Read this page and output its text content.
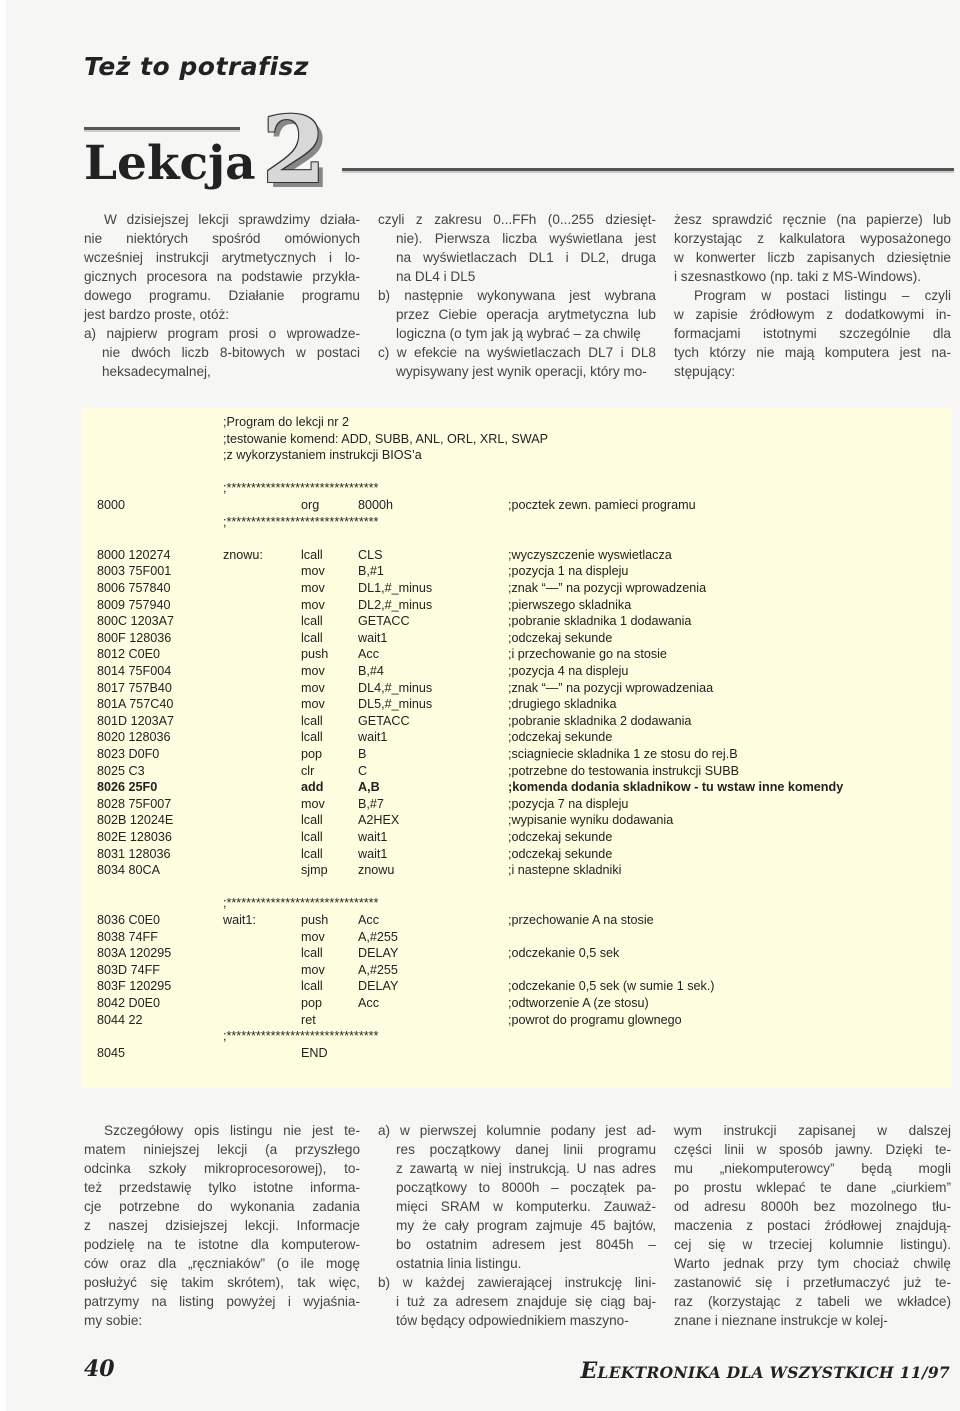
Też to potrafisz
Lekcja 2
W dzisiejszej lekcji sprawdzimy działa-
nie niektórych spośród omówionych
wcześniej instrukcji arytmetycznych i lo-
gicznych procesora na podstawie przykła-
dowego programu. Działanie programu
jest bardzo proste, otóż:
a) najpierw program prosi o wprowadze-
nie dwóch liczb 8-bitowych w postaci
heksadecymalnej,
czyli z zakresu 0...FFh (0...255 dziesięt-
nie). Pierwsza liczba wyświetlana jest
na wyświetlaczach DL1 i DL2, druga
na DL4 i DL5
b) następnie wykonywana jest wybrana
przez Ciebie operacja arytmetyczna lub
logiczna (o tym jak ją wybrać – za chwilę
c) w efekcie na wyświetlaczach DL7 i DL8
wypisywany jest wynik operacji, który mo-
żesz sprawdzić ręcznie (na papierze) lub
korzystając z kalkulatora wyposażonego
w konwerter liczb zapisanych dziesiętnie
i szesnastkowo (np. taki z MS-Windows).
Program w postaci listingu – czyli
w zapisie źródłowym z dodatkowymi in-
formacjami istotnymi szczególnie dla
tych którzy nie mają komputera jest na-
stępujący:
;Program do lekcji nr 2
;testowanie komend: ADD, SUBB, ANL, ORL, XRL, SWAP
;z wykorzystaniem instrukcji BIOS’a
;*******************************
8000	org	8000h	;pocztek zewn. pamieci programu
;*******************************
8000 120274	znowu:	lcall	CLS	;wyczyszczenie wyswietlacza
8003 75F001	mov	B,#1	;pozycja 1 na displeju
8006 757840	mov	DL1,#_minus	;znak “—” na pozycji wprowadzenia
8009 757940	mov	DL2,#_minus	;pierwszego skladnika
800C 1203A7	lcall	GETACC	;pobranie skladnika 1 dodawania
800F 128036	lcall	wait1	;odczekaj sekunde
8012 C0E0	push Acc	;i przechowanie go na stosie
8014 75F004	mov	B,#4	;pozycja 4 na displeju
8017 757B40	mov	DL4,#_minus	;znak “—” na pozycji wprowadzeniaa
801A 757C40	mov	DL5,#_minus	;drugiego skladnika
801D 1203A7	lcall	GETACC	;pobranie skladnika 2 dodawania
8020 128036	lcall	wait1	;odczekaj sekunde
8023 D0F0	pop	B	;sciagniecie skladnika 1 ze stosu do rej.B
8025 C3	clr	C	;potrzebne do testowania instrukcji SUBB
8026 25F0	add	A,B	;komenda dodania skladnikow - tu wstaw inne komendy
8028 75F007	mov	B,#7	;pozycja 7 na displeju
802B 12024E	lcall	A2HEX	;wypisanie wyniku dodawania
802E 128036	lcall	wait1	;odczekaj sekunde
8031 128036	lcall	wait1	;odczekaj sekunde
8034 80CA	sjmp znowu	;i nastepne skladniki
;*******************************
8036 C0E0	wait1:	push Acc	;przechowanie A na stosie
8038 74FF	mov	A,#255
803A 120295	lcall	DELAY	;odczekanie 0,5 sek
803D 74FF	mov	A,#255
803F 120295	lcall	DELAY	;odczekanie 0,5 sek (w sumie 1 sek.)
8042 D0E0	pop	Acc	;odtworzenie A (ze stosu)
8044 22	ret	;powrot do programu glownego
;*******************************
8045	END
Szczegółowy opis listingu nie jest te-
matem niniejszej lekcji (a przyszłego
odcinka szkoły mikroprocesorowej), to-
też przedstawię tylko istotne informa-
cje potrzebne do wykonania zadania
z naszej dzisiejszej lekcji. Informacje
podzielę na te istotne dla komputerow-
ców oraz dla „ręczniaków” (o ile mogę
posłużyć się takim skrótem), tak więc,
patrzymy na listing powyżej i wyjaśnia-
my sobie:
a) w pierwszej kolumnie podany jest ad-
res początkowy danej linii programu
z zawartą w niej instrukcją. U nas adres
początkowy to 8000h – początek pa-
mięci SRAM w komputerku. Zauważ-
my że cały program zajmuje 45 bajtów,
bo ostatnim adresem jest 8045h –
ostatnia linia listingu.
b) w każdej zawierającej instrukcję lini-
i tuż za adresem znajduje się ciąg baj-
tów będący odpowiednikiem maszyno-
wym instrukcji zapisanej w dalszej
części linii w sposób jawny. Dzięki te-
mu „niekomputerowcy” będą mogli
po prostu wklepać te dane „ciurkiem”
od adresu 8000h bez mozolnego tłu-
maczenia z postaci źródłowej znajdują-
cej się w trzeciej kolumnie listingu).
Warto jednak przy tym chociaż chwilę
zastanowić się i przetłumaczyć już te-
raz (korzystając z tabeli we wkładce)
znane i nieznane instrukcje w kolej-
40	ELEKTRONIKA DLA WSZYSTKICH 11/97
